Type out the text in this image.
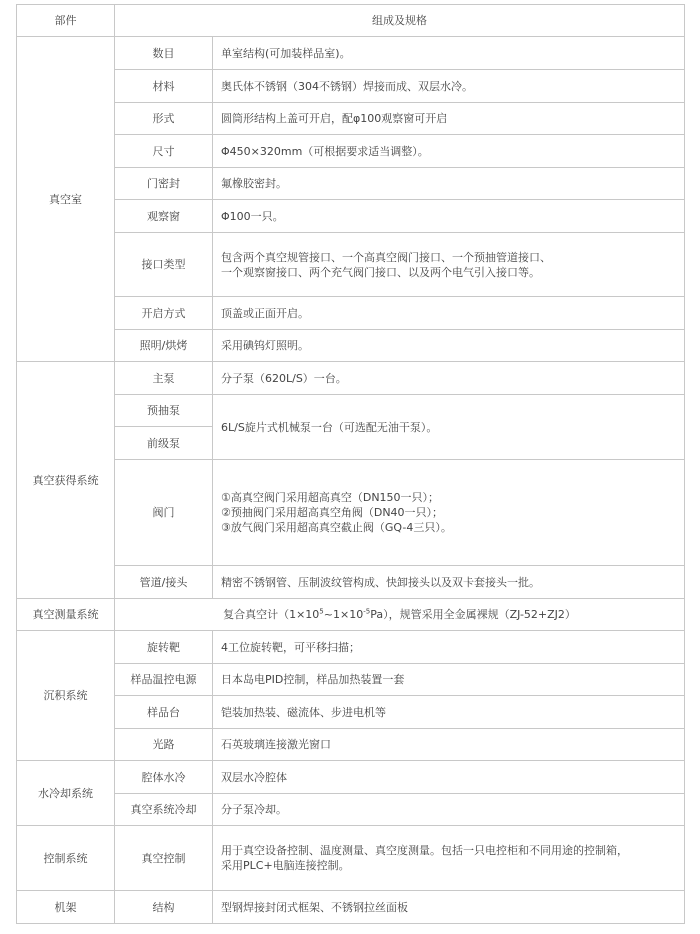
部件	组成及规格	
真空室	数目	单室结构(可加装样品室)。
	材料	奥氏体不锈钢（304不锈钢）焊接而成、双层水冷。
	形式	圆筒形结构上盖可开启，配φ100观察窗可开启
	尺寸	Φ450×320mm（可根据要求适当调整）。
	门密封	氟橡胶密封。
	观察窗	Φ100一只。
	接口类型	包含两个真空规管接口、一个高真空阀门接口、一个预抽管道接口、
一个观察窗接口、两个充气阀门接口、以及两个电气引入接口等。

	开启方式	顶盖或正面开启。
	照明/烘烤	采用碘钨灯照明。
真空获得系统	主泵	分子泵（620L/S）一台。
	预抽泵	6L/S旋片式机械泵一台（可选配无油干泵）。
	前级泵	
	阀门	①高真空阀门采用超高真空（DN150一只）；
②预抽阀门采用超高真空角阀（DN40一只）；
③放气阀门采用超高真空截止阀（GQ-4三只）。

	管道/接头	精密不锈钢管、压制波纹管构成、快卸接头以及双卡套接头一批。
真空测量系统	复合真空计$(1\times 10^5\sim 1\times 10^{-5}Pa)$，规管采用全金属裸规（ZJ-52+ZJ2）	
沉积系统	旋转靶	4工位旋转靶，可平移扫描；
	样品温控电源	日本岛电PID控制，样品加热装置一套
	样品台	铠装加热装、磁流体、步进电机等
	光路	石英玻璃连接激光窗口
水冷却系统	腔体水冷	双层水冷腔体
	真空系统冷却	分子泵冷却。
控制系统	真空控制	用于真空设备控制、温度测量、真空度测量。包括一只电控柜和不同用途的控制箱，
采用PLC+电脑连接控制。

机架	结构	型钢焊接封闭式框架、不锈钢拉丝面板
